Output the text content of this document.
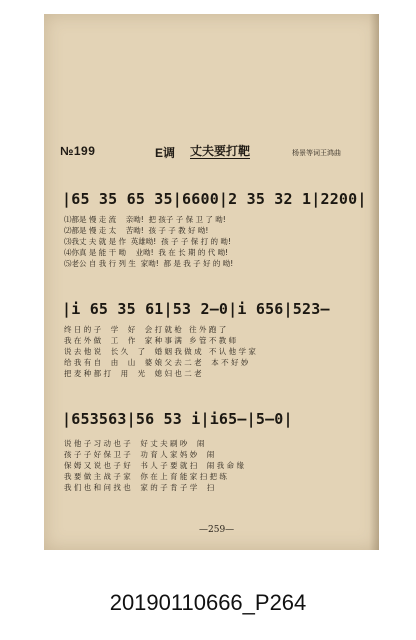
№199	E调 丈夫要打靶	杨景等词王鸿曲
|65 35 65 35|6600|2 35 32 1|2200|
⑴都是 慢 走 流    亲呦!  把 孩子 子 保 卫 了 呦!
⑵都是 慢 走 太    苦呦!  孩 子 子 教 好 呦!
⑶我丈 夫 就 是 作  英雄呦!  孩 子 子 保 打 的 呦!
⑷你真 是 能 干 呦    业呦!  我 在 长 期 的 代 呦!
⑸老公 自 我 行 列 生  家呦!  都 是 我 子 好 的 呦!
|i 65 35 61|53 2–0|i 656|523–
终 日 的 子    学    好    会 打 就 枪   往 外 跑 了
我 在 外 做    工    作    家 种 事 满   乡 管 不 教 师
说 去 他 说    长 久    了    婚 姻 我 做 成   不 认 他 学 家
给 我 有 自    由    山    婆 娘 父 去 二 老    本 不 好 妙
把 麦 种 都 打    用    光    媳 妇 也 二 老
|653563|56 53 i|i65–|5–0|
说 他 子 习 动 也 子    好 丈 夫 刷 吵    闹
孩 子 子 好 保 卫 子    功 育 人 家 妈 妙    闹
保 姆 又 说 也 子 好    书 人 子 要 就 扫    闹 我 命 缘
我 要 做 主 战 子 家    你 在 上 育 能 家 扫 把 练
我 们 也 和 问 找 也    家 的 子 肯 子 学    扫
—259—
20190110666_P264
